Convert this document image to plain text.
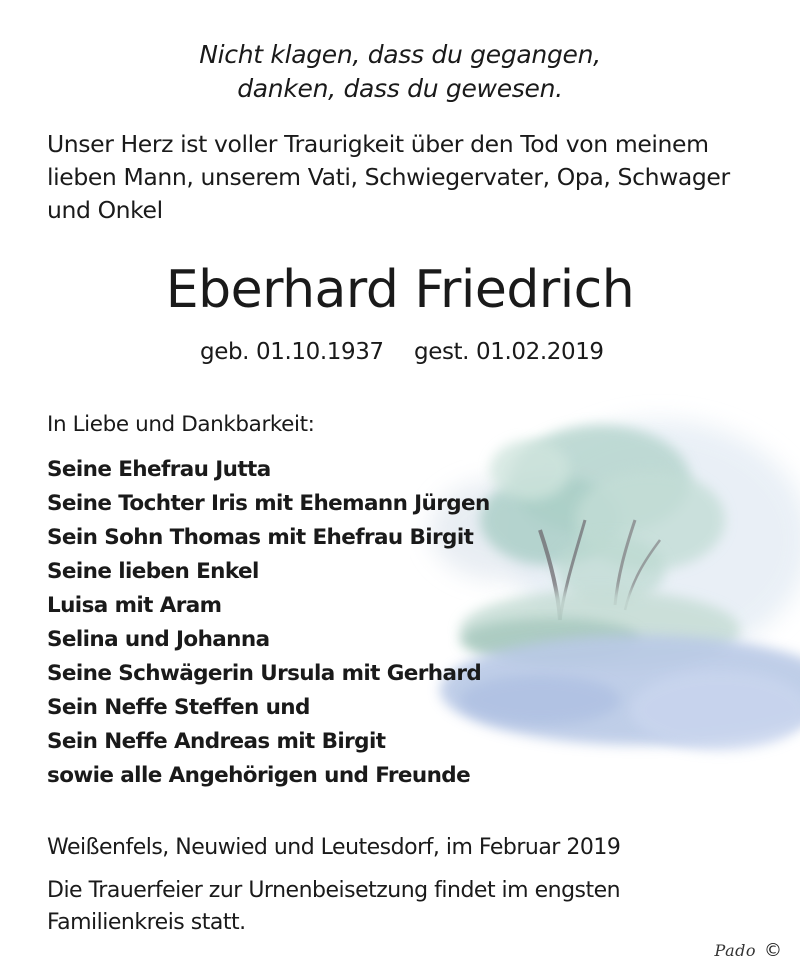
Nicht klagen, dass du gegangen,
danken, dass du gewesen.
Unser Herz ist voller Traurigkeit über den Tod von meinem
lieben Mann, unserem Vati, Schwiegervater, Opa, Schwager
und Onkel
Eberhard Friedrich
geb. 01.10.1937 gest. 01.02.2019
In Liebe und Dankbarkeit:
Seine Ehefrau Jutta
Seine Tochter Iris mit Ehemann Jürgen
Sein Sohn Thomas mit Ehefrau Birgit
Seine lieben Enkel
Luisa mit Aram
Selina und Johanna
Seine Schwägerin Ursula mit Gerhard
Sein Neffe Steffen und
Sein Neffe Andreas mit Birgit
sowie alle Angehörigen und Freunde
Weißenfels, Neuwied und Leutesdorf, im Februar 2019
Die Trauerfeier zur Urnenbeisetzung findet im engsten
Familienkreis statt.
Pado ©
